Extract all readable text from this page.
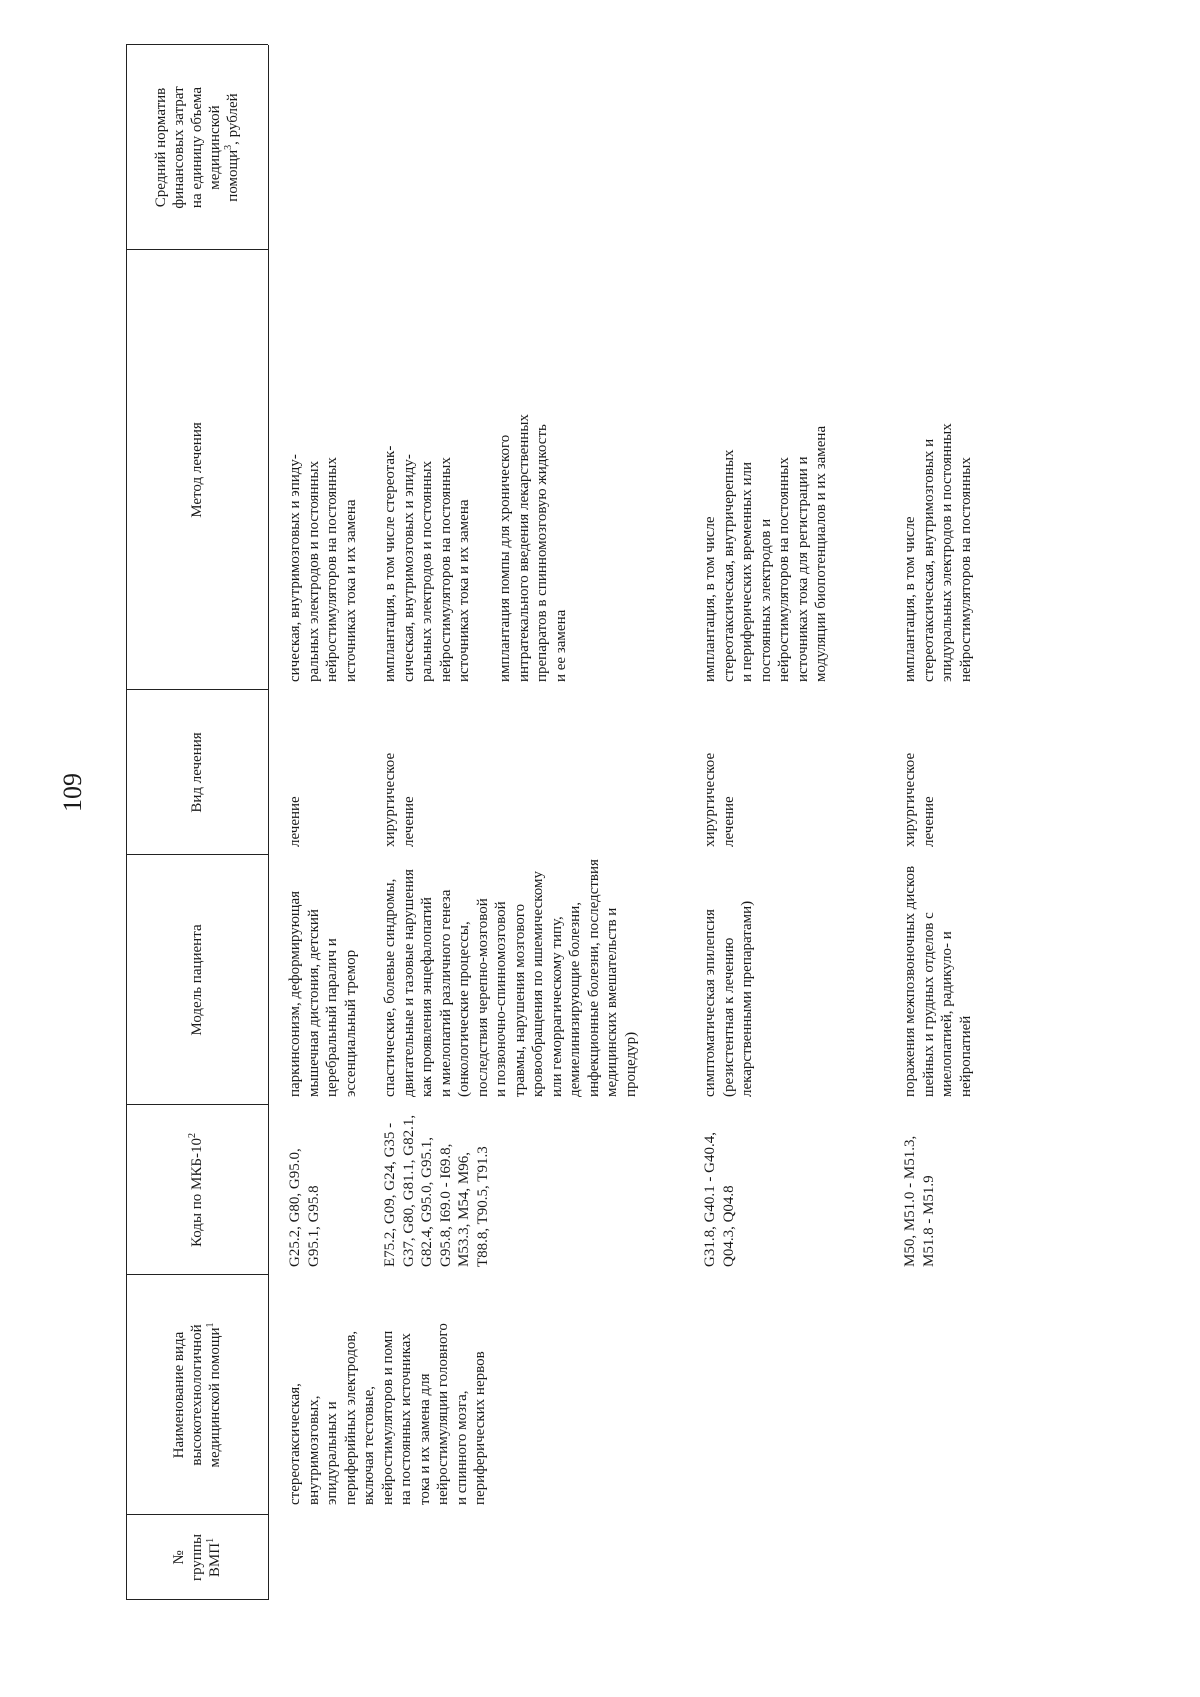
109
№ группы ВМП$^1$
Наименование вида высокотехнологичной медицинской помощи$^1$
Коды по МКБ-$10^2$
Модель пациента
Вид лечения
Метод лечения
Средний норматив финансовых затрат на единицу объема медицинской помощи$^3$, рублей
стереотаксическая,
внутримозговых,
эпидуральных и
периферийных электродов,
включая тестовые,
нейростимуляторов и помп
на постоянных источниках
тока и их замена для
нейростимуляции головного
и спинного мозга,
периферических нервов
G25.2, G80, G95.0,
G95.1, G95.8
паркинсонизм, деформирующая
мышечная дистония, детский
церебральный паралич и
эссенциальный тремор
лечение
сическая, внутримозговых и эпиду-
ральных электродов и постоянных
нейростимуляторов на постоянных
источниках тока и их замена
E75.2, G09, G24, G35 -
G37, G80, G81.1, G82.1,
G82.4, G95.0, G95.1,
G95.8, I69.0 - I69.8,
M53.3, M54, M96,
T88.8, T90.5, T91.3
спастические, болевые синдромы,
двигательные и тазовые нарушения
как проявления энцефалопатий
и миелопатий различного генеза
(онкологические процессы,
последствия черепно-мозговой
и позвоночно-спинномозговой
травмы, нарушения мозгового
кровообращения по ишемическому
или геморрагическому типу,
демиелинизирующие болезни,
инфекционные болезни, последствия
медицинских вмешательств и
процедур)
хирургическое
лечение
имплантация, в том числе стереотак-
сическая, внутримозговых и эпиду-
ральных электродов и постоянных
нейростимуляторов на постоянных
источниках тока и их замена
имплантация помпы для хронического
интратекального введения лекарственных
препаратов в спинномозговую жидкость
и ее замена
G31.8, G40.1 - G40.4,
Q04.3, Q04.8
симптоматическая эпилепсия
(резистентная к лечению
лекарственными препаратами)
хирургическое
лечение
имплантация, в том числе
стереотаксическая, внутричерепных
и периферических временных или
постоянных электродов и
нейростимуляторов на постоянных
источниках тока для регистрации и
модуляции биопотенциалов и их замена
M50, M51.0 - M51.3,
M51.8 - M51.9
поражения межпозвоночных дисков
шейных и грудных отделов с
миелопатией, радикуло- и
нейропатией
хирургическое
лечение
имплантация, в том числе
стереотаксическая, внутримозговых и
эпидуральных электродов и постоянных
нейростимуляторов на постоянных
